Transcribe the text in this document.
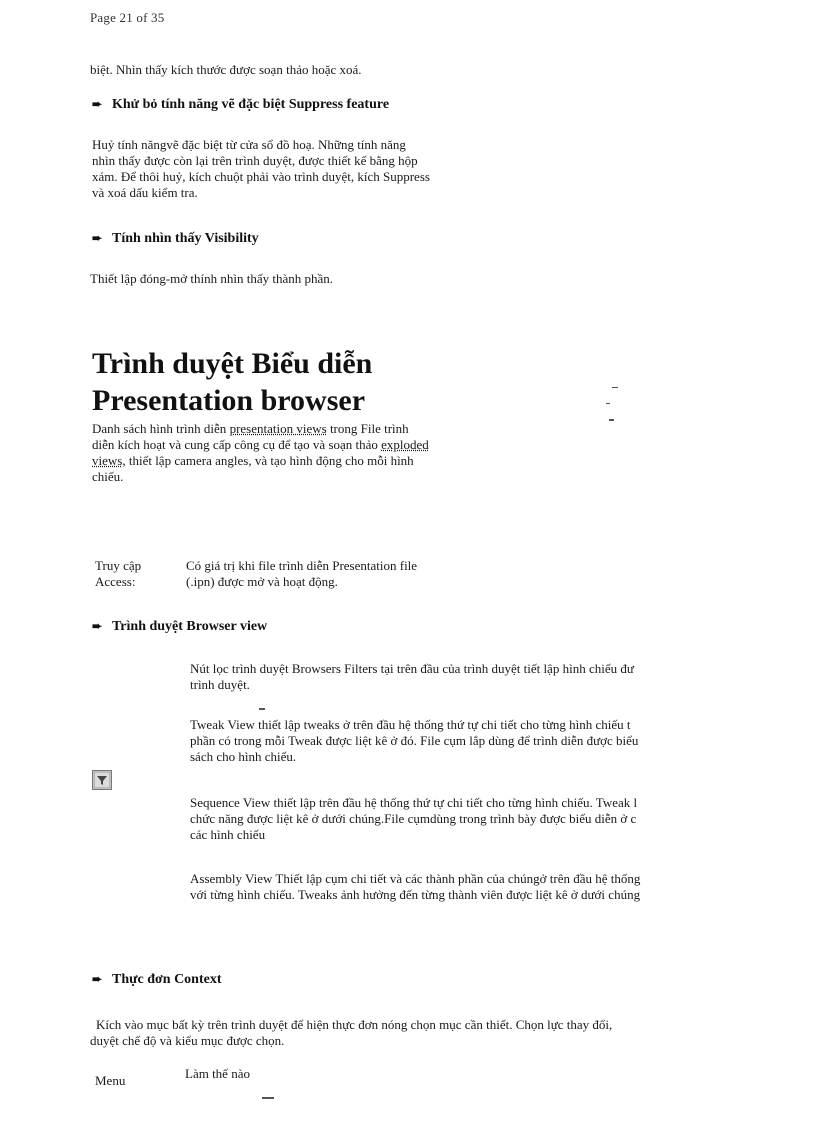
Page 21 of 35
biệt. Nhìn thấy kích thước được soạn thảo hoặc xoá.
➨ Khử bỏ tính năng vẽ đặc biệt Suppress feature
Huỷ tính năngvẽ đặc biệt từ cửa sổ đồ hoạ. Những tính năng
nhìn thấy được còn lại trên trình duyệt, được thiết kế bằng hộp
xám. Để thôi huỷ, kích chuột phải vào trình duyệt, kích Suppress
và xoá dấu kiểm tra.
➨ Tính nhìn thấy Visibility
Thiết lập đóng-mở thính nhìn thấy thành phần.
Trình duyệt Biểu diễn
Presentation browser
Danh sách hình trình diễn presentation views trong File trình
diễn kích hoạt và cung cấp công cụ để tạo và soạn thảo exploded
views, thiết lập camera angles, và tạo hình động cho mỗi hình
chiếu.
Truy cập
Access:
Có giá trị khi file trình diễn Presentation file
(.ipn) được mở và hoạt động.
➨ Trình duyệt Browser view
Nút lọc trình duyệt Browsers Filters tại trên đầu của trình duyệt tiết lập hình chiếu đư
trình duyệt.
Tweak View thiết lập tweaks ở trên đầu hệ thống thứ tự chi tiết cho từng hình chiếu t
phần có trong mỗi Tweak được liệt kê ở đó. File cụm lắp dùng để trình diễn được biểu
sách cho hình chiếu.
Sequence View thiết lập trên đầu hệ thống thứ tự chi tiết cho từng hình chiếu. Tweak l
chức năng được liệt kê ở dưới chúng.File cụmdùng trong trình bày được biểu diễn ở c
các hình chiếu
Assembly View Thiết lập cụm chi tiết và các thành phần của chúngở trên đầu hệ thống
với từng hình chiếu. Tweaks ảnh hưởng đến từng thành viên được liệt kê ở dưới chúng
➨ Thực đơn Context
Kích vào mục bất kỳ trên trình duyệt để hiện thực đơn nóng chọn mục cần thiết. Chọn lực thay đổi,
duyệt chế độ và kiểu mục được chọn.
Menu	Làm thế nào
